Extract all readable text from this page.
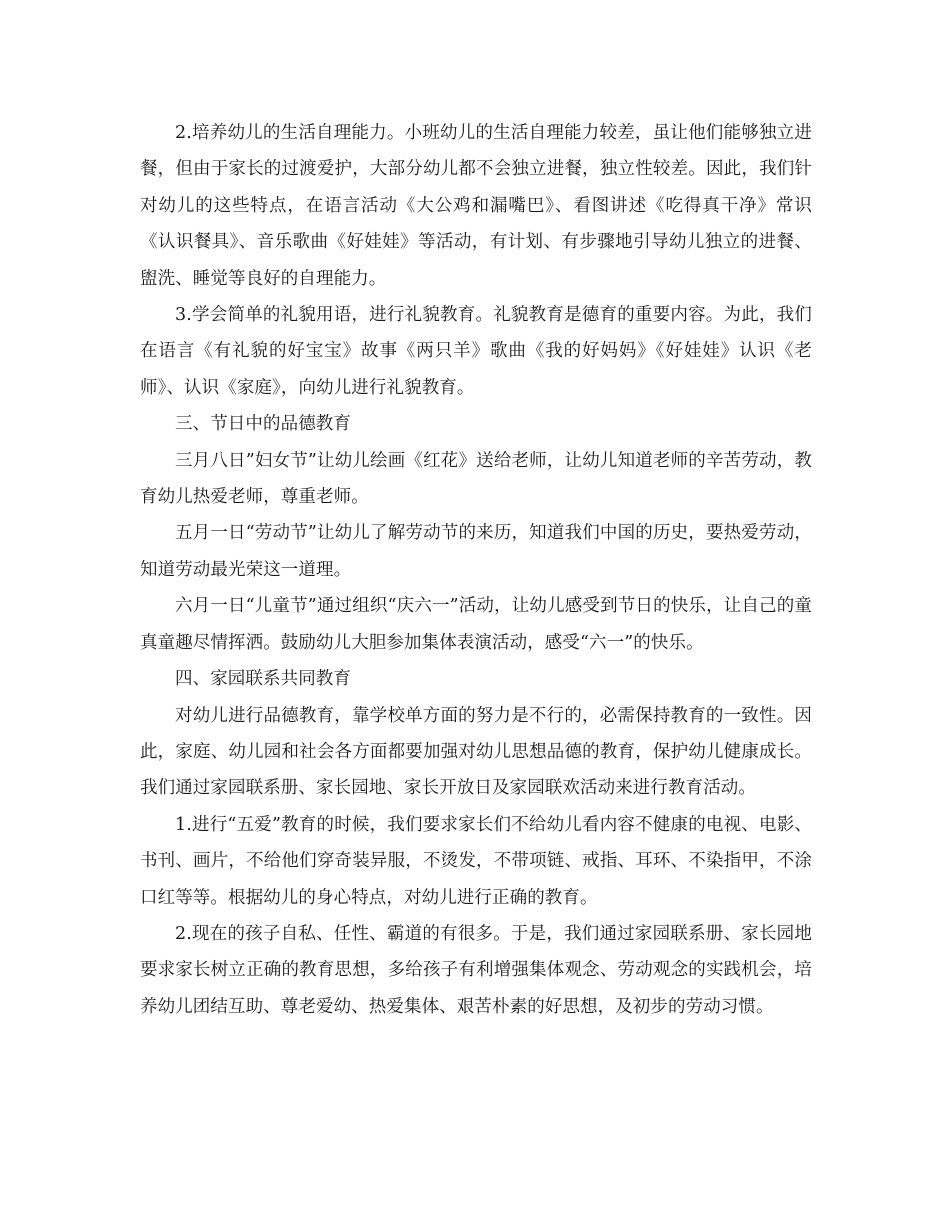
2.培养幼儿的生活自理能力。小班幼儿的生活自理能力较差，虽让他们能够独立进餐，但由于家长的过渡爱护，大部分幼儿都不会独立进餐，独立性较差。因此，我们针对幼儿的这些特点，在语言活动《大公鸡和漏嘴巴》、看图讲述《吃得真干净》常识《认识餐具》、音乐歌曲《好娃娃》等活动，有计划、有步骤地引导幼儿独立的进餐、盥洗、睡觉等良好的自理能力。

3.学会简单的礼貌用语，进行礼貌教育。礼貌教育是德育的重要内容。为此，我们在语言《有礼貌的好宝宝》故事《两只羊》歌曲《我的好妈妈》《好娃娃》认识《老师》、认识《家庭》，向幼儿进行礼貌教育。

三、节日中的品德教育

三月八日”妇女节”让幼儿绘画《红花》送给老师，让幼儿知道老师的辛苦劳动，教育幼儿热爱老师，尊重老师。

五月一日“劳动节”让幼儿了解劳动节的来历，知道我们中国的历史，要热爱劳动，知道劳动最光荣这一道理。

六月一日“儿童节”通过组织“庆六一”活动，让幼儿感受到节日的快乐，让自己的童真童趣尽情挥洒。鼓励幼儿大胆参加集体表演活动，感受“六一”的快乐。

四、家园联系共同教育

对幼儿进行品德教育，靠学校单方面的努力是不行的，必需保持教育的一致性。因此，家庭、幼儿园和社会各方面都要加强对幼儿思想品德的教育，保护幼儿健康成长。我们通过家园联系册、家长园地、家长开放日及家园联欢活动来进行教育活动。

1.进行“五爱”教育的时候，我们要求家长们不给幼儿看内容不健康的电视、电影、书刊、画片，不给他们穿奇装异服，不烫发，不带项链、戒指、耳环、不染指甲，不涂口红等等。根据幼儿的身心特点，对幼儿进行正确的教育。

2.现在的孩子自私、任性、霸道的有很多。于是，我们通过家园联系册、家长园地要求家长树立正确的教育思想，多给孩子有利增强集体观念、劳动观念的实践机会，培养幼儿团结互助、尊老爱幼、热爱集体、艰苦朴素的好思想，及初步的劳动习惯。
